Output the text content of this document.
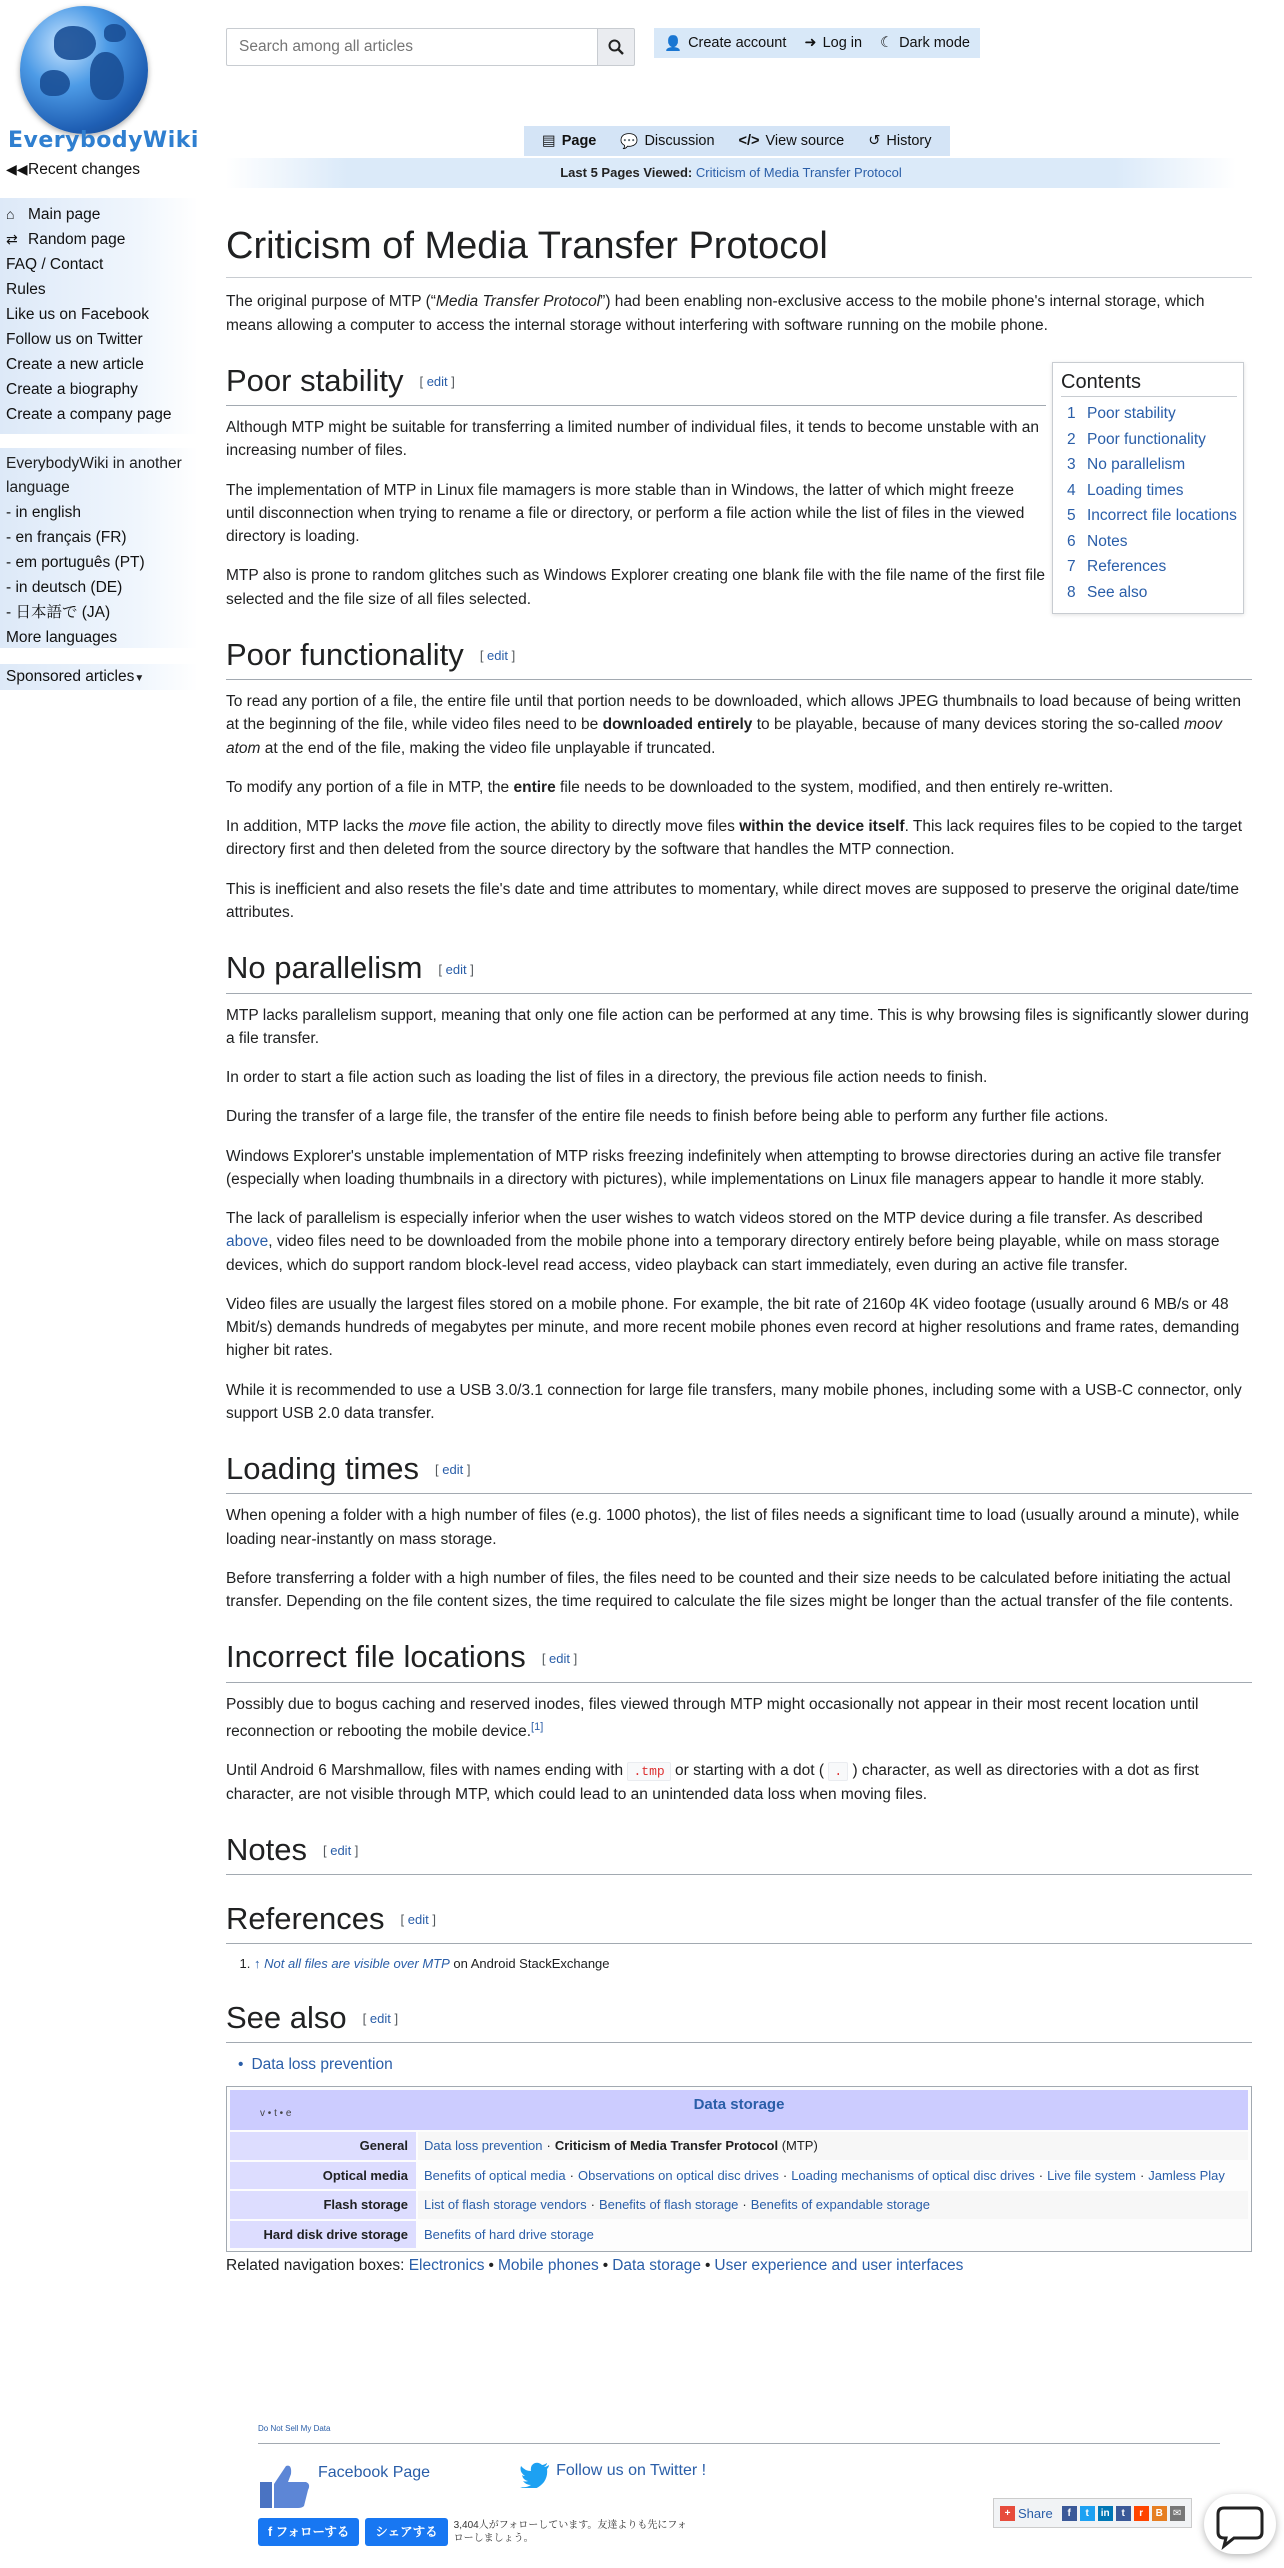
EverybodyWiki
◀◀Recent changes
⌂ Main page
⇄ Random page
FAQ / Contact
Rules
Like us on Facebook
Follow us on Twitter
Create a new article
Create a biography
Create a company page
EverybodyWiki in another language
- in english
- en français (FR)
- em português (PT)
- in deutsch (DE)
- 日本語で (JA)
More languages
Sponsored articles▼
Search among all articles
👤 Create account ➜ Log in ☾ Dark mode
▤ Page 💬 Discussion </> View source ↺ History
Last 5 Pages Viewed: Criticism of Media Transfer Protocol
Contents
1 Poor stability
2 Poor functionality
3 No parallelism
4 Loading times
5 Incorrect file locations
6 Notes
7 References
8 See also
Criticism of Media Transfer Protocol

The original purpose of MTP (“Media Transfer Protocol”) had been enabling non-exclusive access to the mobile phone's internal storage, which means allowing a computer to access the internal storage without interfering with software running on the mobile phone.

Poor stability [ edit ]

Although MTP might be suitable for transferring a limited number of individual files, it tends to become unstable with an increasing number of files.

The implementation of MTP in Linux file mamagers is more stable than in Windows, the latter of which might freeze until disconnection when trying to rename a file or directory, or perform a file action while the list of files in the viewed directory is loading.

MTP also is prone to random glitches such as Windows Explorer creating one blank file with the file name of the first file selected and the file size of all files selected.

Poor functionality [ edit ]

To read any portion of a file, the entire file until that portion needs to be downloaded, which allows JPEG thumbnails to load because of being written at the beginning of the file, while video files need to be downloaded entirely to be playable, because of many devices storing the so-called moov atom at the end of the file, making the video file unplayable if truncated.

To modify any portion of a file in MTP, the entire file needs to be downloaded to the system, modified, and then entirely re-written.

In addition, MTP lacks the move file action, the ability to directly move files within the device itself. This lack requires files to be copied to the target directory first and then deleted from the source directory by the software that handles the MTP connection.

This is inefficient and also resets the file's date and time attributes to momentary, while direct moves are supposed to preserve the original date/time attributes.

No parallelism [ edit ]

MTP lacks parallelism support, meaning that only one file action can be performed at any time. This is why browsing files is significantly slower during a file transfer.

In order to start a file action such as loading the list of files in a directory, the previous file action needs to finish.

During the transfer of a large file, the transfer of the entire file needs to finish before being able to perform any further file actions.

Windows Explorer's unstable implementation of MTP risks freezing indefinitely when attempting to browse directories during an active file transfer (especially when loading thumbnails in a directory with pictures), while implementations on Linux file managers appear to handle it more stably.

The lack of parallelism is especially inferior when the user wishes to watch videos stored on the MTP device during a file transfer. As described above, video files need to be downloaded from the mobile phone into a temporary directory entirely before being playable, while on mass storage devices, which do support random block-level read access, video playback can start immediately, even during an active file transfer.

Video files are usually the largest files stored on a mobile phone. For example, the bit rate of 2160p 4K video footage (usually around 6 MB/s or 48 Mbit/s) demands hundreds of megabytes per minute, and more recent mobile phones even record at higher resolutions and frame rates, demanding higher bit rates.

While it is recommended to use a USB 3.0/3.1 connection for large file transfers, many mobile phones, including some with a USB-C connector, only support USB 2.0 data transfer.

Loading times [ edit ]

When opening a folder with a high number of files (e.g. 1000 photos), the list of files needs a significant time to load (usually around a minute), while loading near-instantly on mass storage.

Before transferring a folder with a high number of files, the files need to be counted and their size needs to be calculated before initiating the actual transfer. Depending on the file content sizes, the time required to calculate the file sizes might be longer than the actual transfer of the file contents.

Incorrect file locations [ edit ]

Possibly due to bogus caching and reserved inodes, files viewed through MTP might occasionally not appear in their most recent location until reconnection or rebooting the mobile device.[1]

Until Android 6 Marshmallow, files with names ending with .tmp or starting with a dot ( . ) character, as well as directories with a dot as first character, are not visible through MTP, which could lead to an unintended data loss when moving files.

Notes [ edit ]
References [ edit ]
1. ↑ Not all files are visible over MTP on Android StackExchange
See also [ edit ]
• Data loss prevention
v • t • e
Data storage
General	Data loss prevention · Criticism of Media Transfer Protocol (MTP)
Optical media	Benefits of optical media · Observations on optical disc drives · Loading mechanisms of optical disc drives · Live file system · Jamless Play
Flash storage	List of flash storage vendors · Benefits of flash storage · Benefits of expandable storage
Hard disk drive storage	Benefits of hard drive storage
Related navigation boxes: Electronics • Mobile phones • Data storage • User experience and user interfaces
Do Not Sell My Data
Facebook Page	Follow us on Twitter !
f フォローする	シェアする	3,404人がフォローしています。友達よりも先にフォローしましょう。
+ Share	f	t	in	t	r	B	✉
